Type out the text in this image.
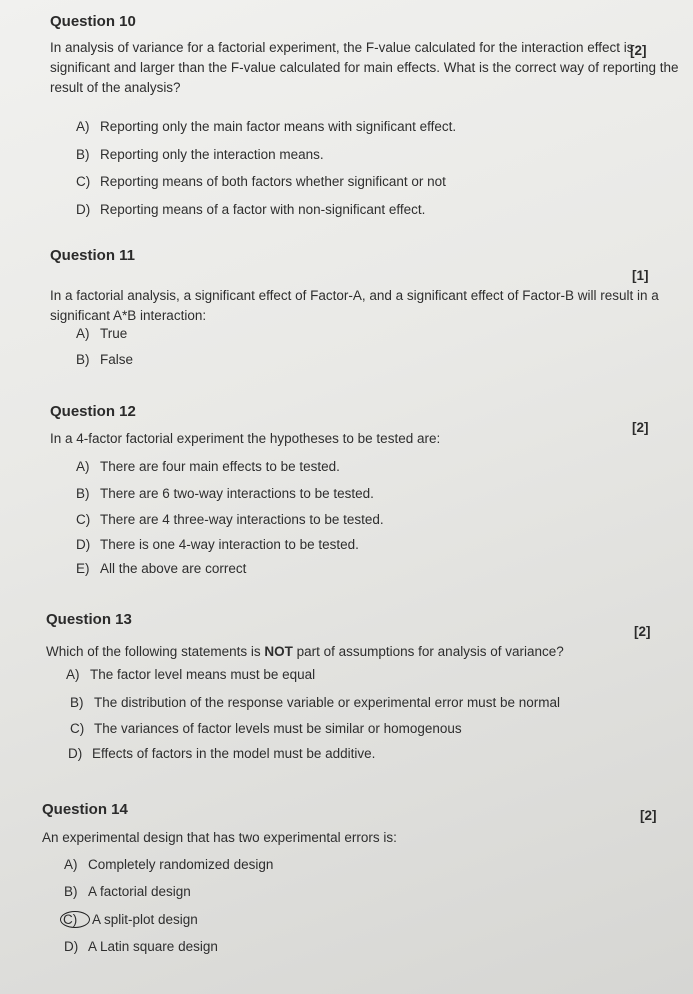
Question 10
[2]
In analysis of variance for a factorial experiment, the F-value calculated for the interaction effect is significant and larger than the F-value calculated for main effects. What is the correct way of reporting the result of the analysis?
A) Reporting only the main factor means with significant effect.
B) Reporting only the interaction means.
C) Reporting means of both factors whether significant or not
D) Reporting means of a factor with non-significant effect.
Question 11
[1]
In a factorial analysis, a significant effect of Factor-A, and a significant effect of Factor-B will result in a significant A*B interaction:
A) True
B) False
Question 12
[2]
In a 4-factor factorial experiment the hypotheses to be tested are:
A) There are four main effects to be tested.
B) There are 6 two-way interactions to be tested.
C) There are 4 three-way interactions to be tested.
D) There is one 4-way interaction to be tested.
E) All the above are correct
Question 13
[2]
Which of the following statements is NOT part of assumptions for analysis of variance?
A) The factor level means must be equal
B) The distribution of the response variable or experimental error must be normal
C) The variances of factor levels must be similar or homogenous
D) Effects of factors in the model must be additive.
Question 14	[2]
An experimental design that has two experimental errors is:
A) Completely randomized design
B) A factorial design
C) A split-plot design
D) A Latin square design
